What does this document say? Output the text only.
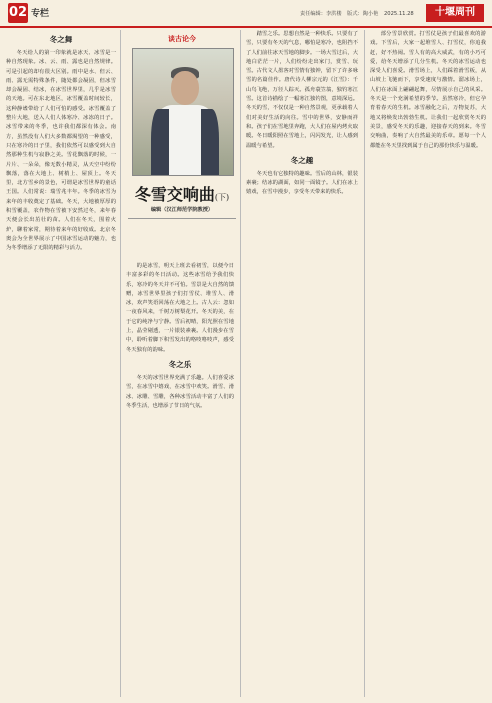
02 专栏	责任编辑：李洪楼 版式：陶小艳 2025.11.28	十堰周刊
冬之舞

冬天给人的第一印象就是冰天、冰雪是一种自然现象。冰、云、雨、露也是自然规律。可是引起的却有很大区别。雨中是水、但云、雨、露无需特殊条件，随处都会凝固，但冰雪却会凝固、结冰，在冰雪世界里，几乎是冰雪的天地。可在东北地区，冰雪覆盖时间较长，这种静谧带给了人们可怕的感受。冰雪覆盖了整片大地，送入人们人体寒冷、冰冻的日子。冰雪带来的冬季，也许我们都深有体会。南方，虽然没有人们大多数都渴望的一种感受，只在寒冷的日子里，我们依然可以感受到大自然那种生机与寂静之美。雪花飘落的时候，一片片、一朵朵，像无数小精灵，从天空中纷纷飘落，落在大地上、树梢上、屋顶上。冬天里，北方雪乡的景色，可谓是冰雪世界的童话王国。人们常说：瑞雪兆丰年。冬季的冰雪为来年的丰收奠定了基础。冬天，大地被厚厚的积雪覆盖，农作物在雪被下安然过冬，来年春天便会长出茁壮的苗。人们在冬天，围着火炉，聊着家常，期待着来年的好收成。北京冬奥会为全世界展示了中国冰雪运动的魅力，也为冬季增添了无限的精彩与活力。

的是冰雪，明天上班去看初雪，以便今日丰富多彩的冬日活动。这些冰雪给予我们快乐，寒冷的冬天并不可怕。雪景是大自然的馈赠，冰雪世界里孩子们打雪仗、堆雪人、滑冰，欢声笑语回荡在大地之上。古人云：忽如一夜春风来，千树万树梨花开。冬天的美，在于它的纯净与宁静。雪后初晴，阳光照在雪地上，晶莹剔透，一片银装素裹。人们漫步在雪中，聆听着脚下积雪发出的咯吱咯吱声，感受冬天独有的韵味。

冬之乐

冬天的冰雪世界充满了乐趣。人们喜爱冰雪，在冰雪中嬉戏，在冰雪中欢笑。滑雪、滑冰、冰雕、雪雕，各种冰雪活动丰富了人们的冬季生活，也增添了节日的气氛。

踏雪之乐。思想自然是一种快乐。只要有了雪，只要有冬天的气息，哪怕是寒冷，也阻挡不了人们前往冰天雪地的脚步。一场大雪过后，大地白茫茫一片，人们纷纷走出家门，赏雪、玩雪。古代文人墨客对雪情有独钟，留下了许多咏雪的名篇佳作。唐代诗人柳宗元的《江雪》：千山鸟飞绝，万径人踪灭。孤舟蓑笠翁，独钓寒江雪。这首诗描绘了一幅寒江独钓图，意境深远。冬天的雪，不仅仅是一种自然景观，更承载着人们对美好生活的向往。雪中的世界，安静而祥和。孩子们在雪地里奔跑，大人们在屋内烤火取暖。冬日暖阳照在雪地上，闪闪发光，让人感到温暖与希望。

冬之趣

冬天也有它独特的趣味。雪后的山林，银装素裹；结冰的湖面，如同一面镜子。人们在冰上嬉戏，在雪中漫步，享受冬天带来的快乐。

部分雪景欣赏。打雪仗是孩子们最喜欢的游戏。下雪后，大家一起堆雪人、打雪仗，你追我赶，好不热闹。雪人有的高大威武，有的小巧可爱，给冬天增添了几分生机。冬天的冰雪运动也深受人们喜爱。滑雪场上，人们踩着滑雪板，从山坡上飞驰而下，享受速度与激情。溜冰场上，人们在冰面上翩翩起舞，尽情展示自己的风采。冬天是一个充满希望的季节。虽然寒冷，但它孕育着春天的生机。冰雪融化之后，万物复苏，大地又将焕发出勃勃生机。让我们一起欣赏冬天的美景，感受冬天的乐趣，迎接春天的到来。冬雪交响曲，奏响了大自然最美的乐章。愿每一个人都能在冬天里找到属于自己的那份快乐与温暖。

谈古论今
冬雪交响曲(下)
编辑（汉江师范学院教授）
